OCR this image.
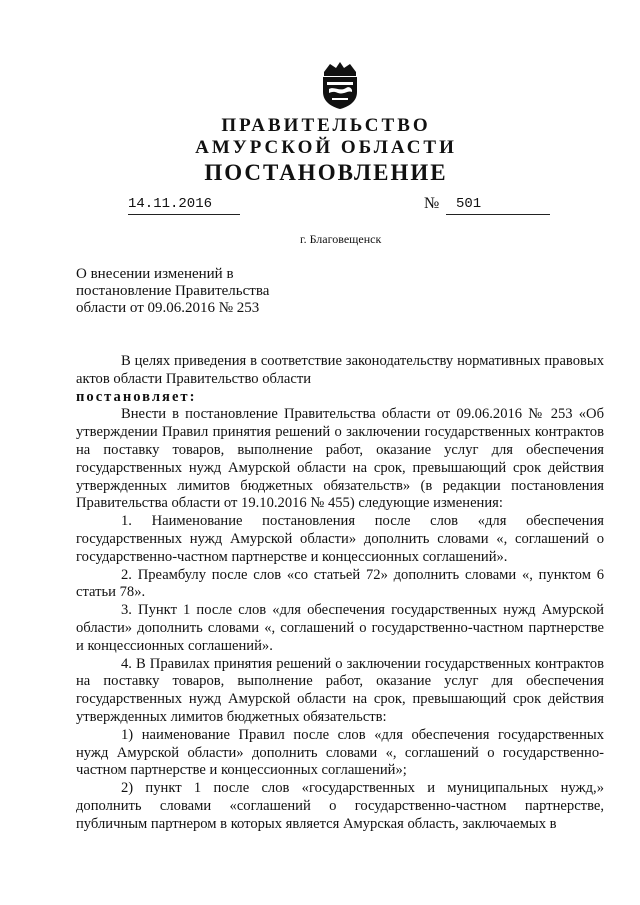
ПРАВИТЕЛЬСТВО
АМУРСКОЙ ОБЛАСТИ
ПОСТАНОВЛЕНИЕ
14.11.2016	№	501
г. Благовещенск
О внесении изменений в постановление Правительства области от 09.06.2016 № 253

В целях приведения в соответствие законодательству нормативных правовых актов области Правительство области

постановляет:

Внести в постановление Правительства области от 09.06.2016 № 253 «Об утверждении Правил принятия решений о заключении государственных контрактов на поставку товаров, выполнение работ, оказание услуг для обеспечения государственных нужд Амурской области на срок, превышающий срок действия утвержденных лимитов бюджетных обязательств» (в редакции постановления Правительства области от 19.10.2016 № 455) следующие изменения:

1. Наименование постановления после слов «для обеспечения государственных нужд Амурской области» дополнить словами «, соглашений о государственно-частном партнерстве и концессионных соглашений».

2. Преамбулу после слов «со статьей 72» дополнить словами «, пунктом 6 статьи 78».

3. Пункт 1 после слов «для обеспечения государственных нужд Амурской области» дополнить словами «, соглашений о государственно-частном партнерстве и концессионных соглашений».

4. В Правилах принятия решений о заключении государственных контрактов на поставку товаров, выполнение работ, оказание услуг для обеспечения государственных нужд Амурской области на срок, превышающий срок действия утвержденных лимитов бюджетных обязательств:

1) наименование Правил после слов «для обеспечения государственных нужд Амурской области» дополнить словами «, соглашений о государственно-частном партнерстве и концессионных соглашений»;

2) пункт 1 после слов «государственных и муниципальных нужд,» дополнить словами «соглашений о государственно-частном партнерстве, публичным партнером в которых является Амурская область, заключаемых в
